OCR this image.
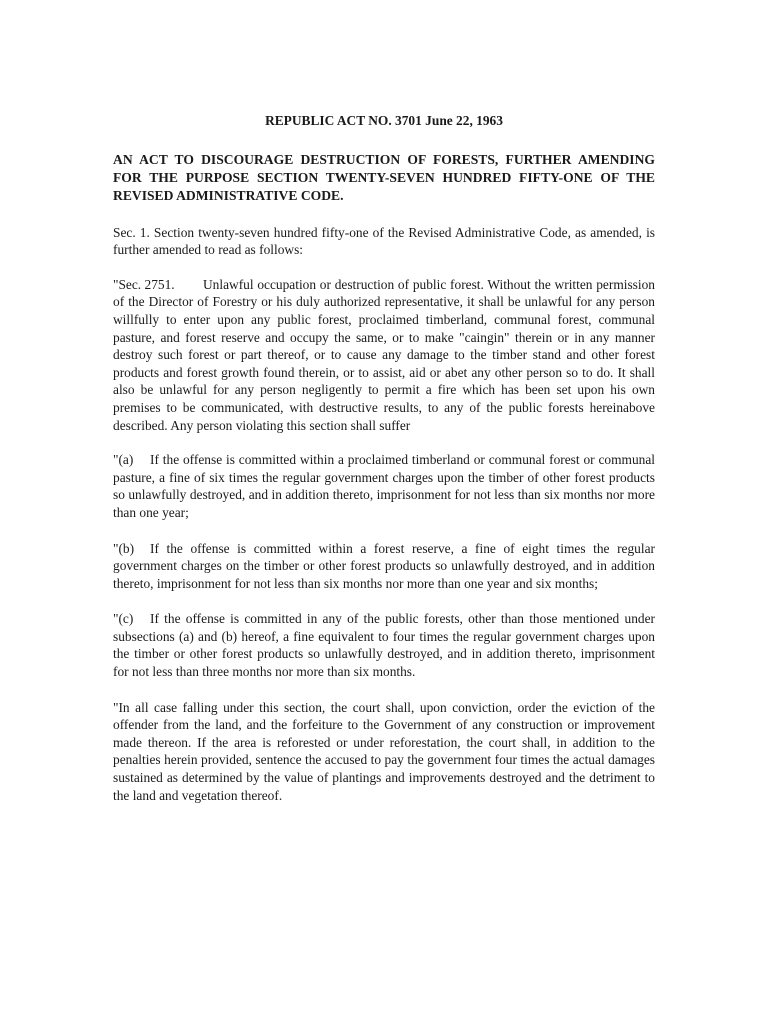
REPUBLIC ACT NO. 3701 June 22, 1963
AN ACT TO DISCOURAGE DESTRUCTION OF FORESTS, FURTHER AMENDING FOR THE PURPOSE SECTION TWENTY-SEVEN HUNDRED FIFTY-ONE OF THE REVISED ADMINISTRATIVE CODE.
Sec. 1. Section twenty-seven hundred fifty-one of the Revised Administrative Code, as amended, is further amended to read as follows:
"Sec. 2751. Unlawful occupation or destruction of public forest. Without the written permission of the Director of Forestry or his duly authorized representative, it shall be unlawful for any person willfully to enter upon any public forest, proclaimed timberland, communal forest, communal pasture, and forest reserve and occupy the same, or to make "caingin" therein or in any manner destroy such forest or part thereof, or to cause any damage to the timber stand and other forest products and forest growth found therein, or to assist, aid or abet any other person so to do. It shall also be unlawful for any person negligently to permit a fire which has been set upon his own premises to be communicated, with destructive results, to any of the public forests hereinabove described. Any person violating this section shall suffer
"(a) If the offense is committed within a proclaimed timberland or communal forest or communal pasture, a fine of six times the regular government charges upon the timber of other forest products so unlawfully destroyed, and in addition thereto, imprisonment for not less than six months nor more than one year;
"(b) If the offense is committed within a forest reserve, a fine of eight times the regular government charges on the timber or other forest products so unlawfully destroyed, and in addition thereto, imprisonment for not less than six months nor more than one year and six months;
"(c) If the offense is committed in any of the public forests, other than those mentioned under subsections (a) and (b) hereof, a fine equivalent to four times the regular government charges upon the timber or other forest products so unlawfully destroyed, and in addition thereto, imprisonment for not less than three months nor more than six months.
"In all case falling under this section, the court shall, upon conviction, order the eviction of the offender from the land, and the forfeiture to the Government of any construction or improvement made thereon. If the area is reforested or under reforestation, the court shall, in addition to the penalties herein provided, sentence the accused to pay the government four times the actual damages sustained as determined by the value of plantings and improvements destroyed and the detriment to the land and vegetation thereof.
